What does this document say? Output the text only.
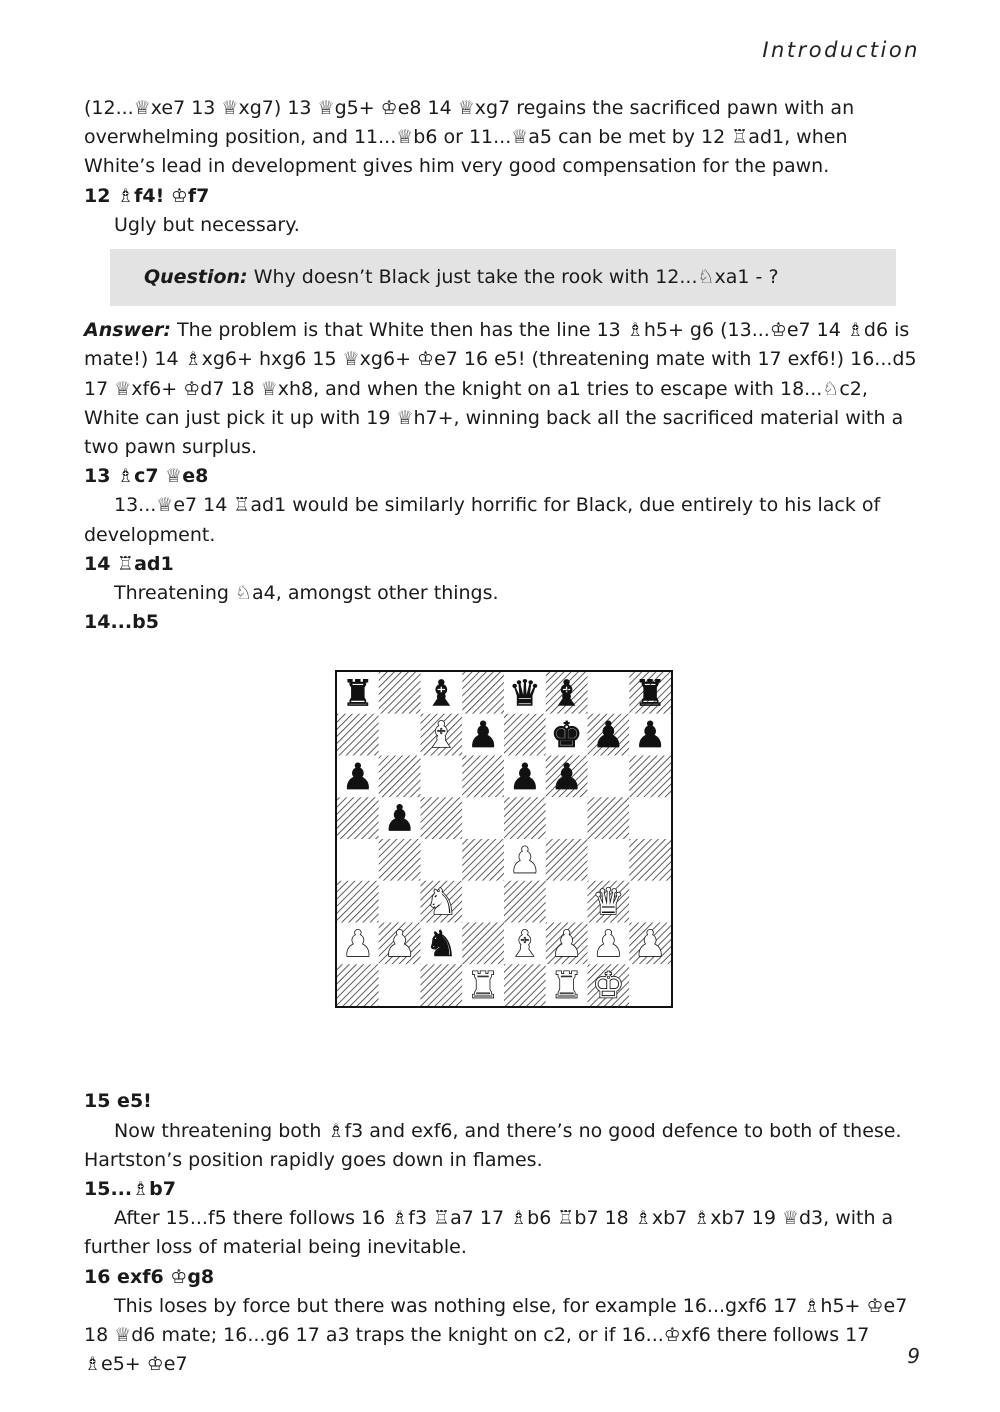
Introduction

(12...♕xe7 13 ♕xg7) 13 ♕g5+ ♔e8 14 ♕xg7 regains the sacrificed pawn with an overwhelming position, and 11...♕b6 or 11...♕a5 can be met by 12 ♖ad1, when White’s lead in development gives him very good compensation for the pawn.

12 ♗f4! ♔f7

Ugly but necessary.

Question: Why doesn’t Black just take the rook with 12...♘xa1 - ?

Answer: The problem is that White then has the line 13 ♗h5+ g6 (13...♔e7 14 ♗d6 is mate!) 14 ♗xg6+ hxg6 15 ♕xg6+ ♔e7 16 e5! (threatening mate with 17 exf6!) 16...d5 17 ♕xf6+ ♔d7 18 ♕xh8, and when the knight on a1 tries to escape with 18...♘c2, White can just pick it up with 19 ♕h7+, winning back all the sacrificed material with a two pawn surplus.

13 ♗c7 ♕e8

13...♕e7 14 ♖ad1 would be similarly horrific for Black, due entirely to his lack of development.

14 ♖ad1

Threatening ♘a4, amongst other things.

14...b5

♜ ♝ ♛ ♝ ♜
♝ ♟ ♚ ♟ ♟
♟	♟ ♟
♟
♟
♞	♛
♟ ♟ ♞ ♝ ♟ ♟ ♟
♜ ♜ ♚

15 e5!

Now threatening both ♗f3 and exf6, and there’s no good defence to both of these. Hartston’s position rapidly goes down in flames.

15...♗b7

After 15...f5 there follows 16 ♗f3 ♖a7 17 ♗b6 ♖b7 18 ♗xb7 ♗xb7 19 ♕d3, with a further loss of material being inevitable.

16 exf6 ♔g8

This loses by force but there was nothing else, for example 16...gxf6 17 ♗h5+ ♔e7 18 ♕d6 mate; 16...g6 17 a3 traps the knight on c2, or if 16...♔xf6 there follows 17 ♗e5+ ♔e7	9
